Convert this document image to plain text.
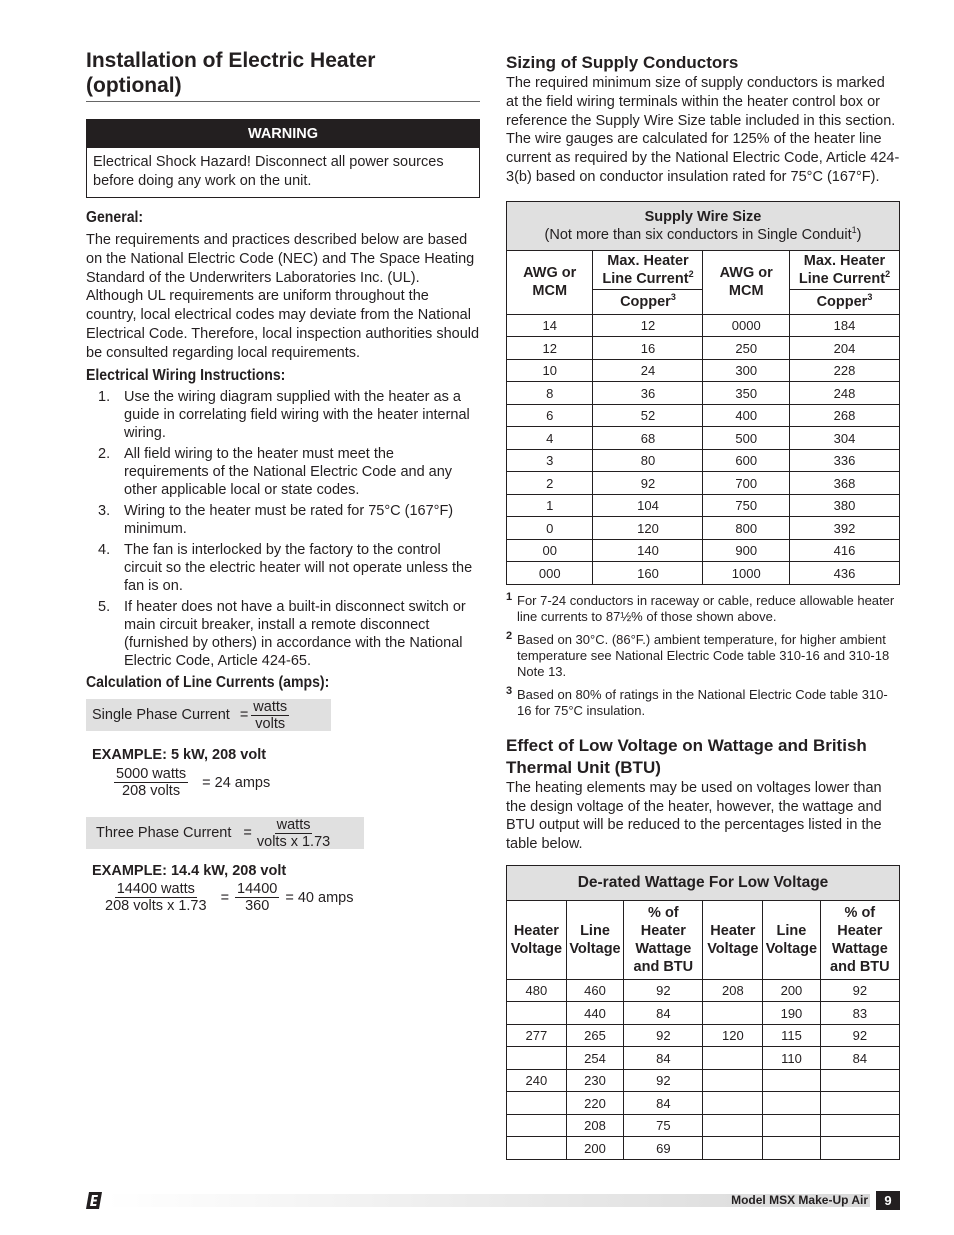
Installation of Electric Heater
(optional)
WARNING
Electrical Shock Hazard! Disconnect all power sources before doing any work on the unit.
General:

The requirements and practices described below are based on the National Electric Code (NEC) and The Space Heating Standard of the Underwriters Laboratories Inc. (UL). Although UL requirements are uniform throughout the country, local electrical codes may deviate from the National Electrical Code. Therefore, local inspection authorities should be consulted regarding local requirements.

Electrical Wiring Instructions:
1. Use the wiring diagram supplied with the heater as a guide in correlating field wiring with the heater internal wiring.
2. All field wiring to the heater must meet the requirements of the National Electric Code and any other applicable local or state codes.
3. Wiring to the heater must be rated for 75°C (167°F) minimum.
4. The fan is interlocked by the factory to the control circuit so the electric heater will not operate unless the fan is on.
5. If heater does not have a built-in disconnect switch or main circuit breaker, install a remote disconnect (furnished by others) in accordance with the National Electric Code, Article 424-65.
Calculation of Line Currents (amps):
Single Phase Current = $\frac{\text{watts}}{\text{volts}}$
EXAMPLE: 5 kW, 208 volt
$\frac{\text{5000 watts}}{\text{208 volts}} = 24$ amps
Three Phase Current = $\frac{\text{watts}}{\text{volts x 1.73}}$
EXAMPLE: 14.4 kW, 208 volt
$\frac{\text{14400 watts}}{\text{208 volts x 1.73}} = \frac{14400}{360} = 40$ amps
Sizing of Supply Conductors

The required minimum size of supply conductors is marked at the field wiring terminals within the heater control box or reference the Supply Wire Size table included in this section. The wire gauges are calculated for 125% of the heater line current as required by the National Electric Code, Article 424-3(b) based on conductor insulation rated for 75°C (167°F).

Supply Wire Size
(Not more than six conductors in Single Conduit$^1$)			
AWG or MCM	Max. Heater Line Current$^2$	AWG or MCM	Max. Heater Line Current$^2$
	Copper$^3$		Copper$^3$
14	12	0000	184
12	16	250	204
10	24	300	228
8	36	350	248
6	52	400	268
4	68	500	304
3	80	600	336
2	92	700	368
1	104	750	380
0	120	800	392
00	140	900	416
000	160	1000	436
1 For 7-24 conductors in raceway or cable, reduce allowable heater line currents to 87½% of those shown above.
2 Based on 30°C. (86°F.) ambient temperature, for higher ambient temperature see National Electric Code table 310-16 and 310-18 Note 13.
3 Based on 80% of ratings in the National Electric Code table 310-16 for 75°C insulation.
Effect of Low Voltage on Wattage and British Thermal Unit (BTU)

The heating elements may be used on voltages lower than the design voltage of the heater, however, the wattage and BTU output will be reduced to the percentages listed in the table below.

De-rated Wattage For Low Voltage					
Heater Voltage	Line Voltage	% of Heater Wattage and BTU	Heater Voltage	Line Voltage	% of Heater Wattage and BTU
480	460	92	208	200	92
	440	84		190	83
277	265	92	120	115	92
	254	84		110	84
240	230	92			
	220	84			
	208	75			
	200	69			
Model MSX Make-Up Air	9
